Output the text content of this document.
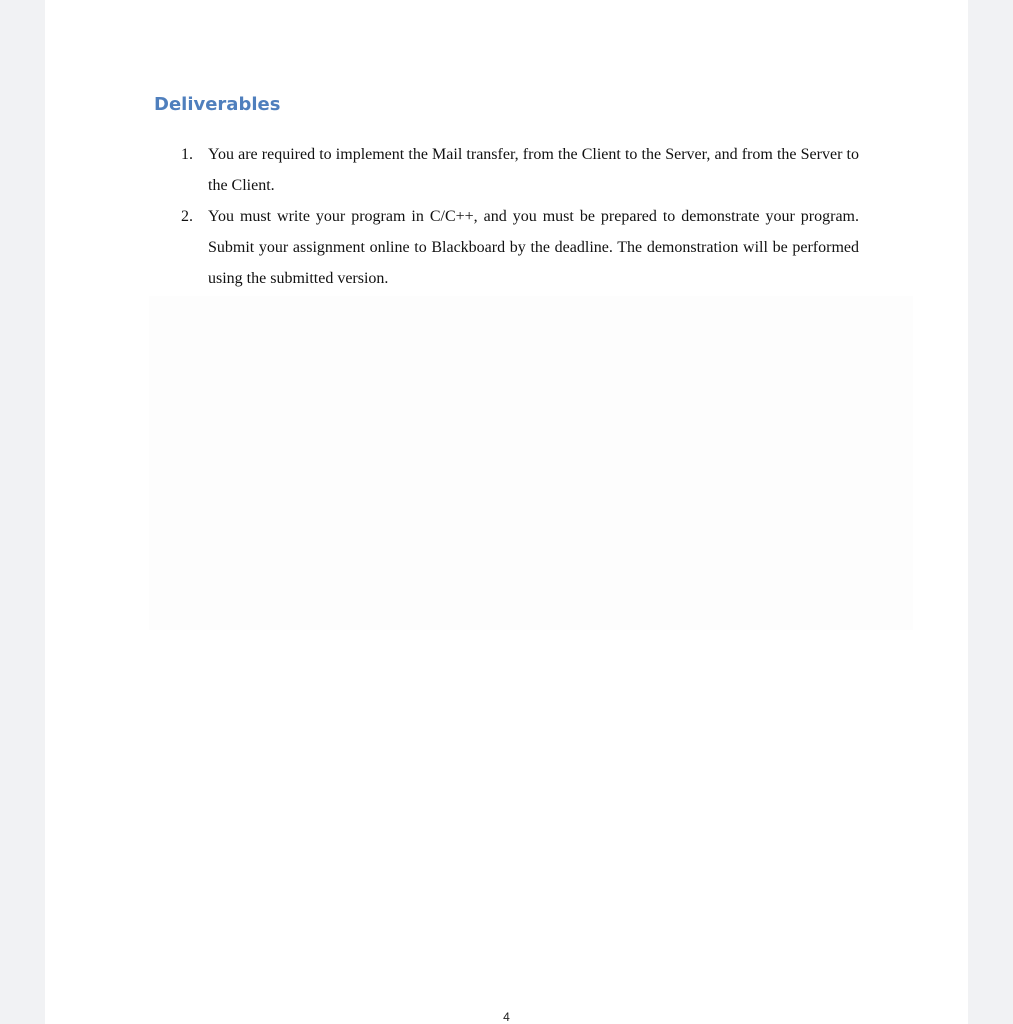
Deliverables
1. You are required to implement the Mail transfer, from the Client to the Server, and from the Server to the Client.
2. You must write your program in C/C++, and you must be prepared to demonstrate your program. Submit your assignment online to Blackboard by the deadline. The demonstration will be performed using the submitted version.
4
